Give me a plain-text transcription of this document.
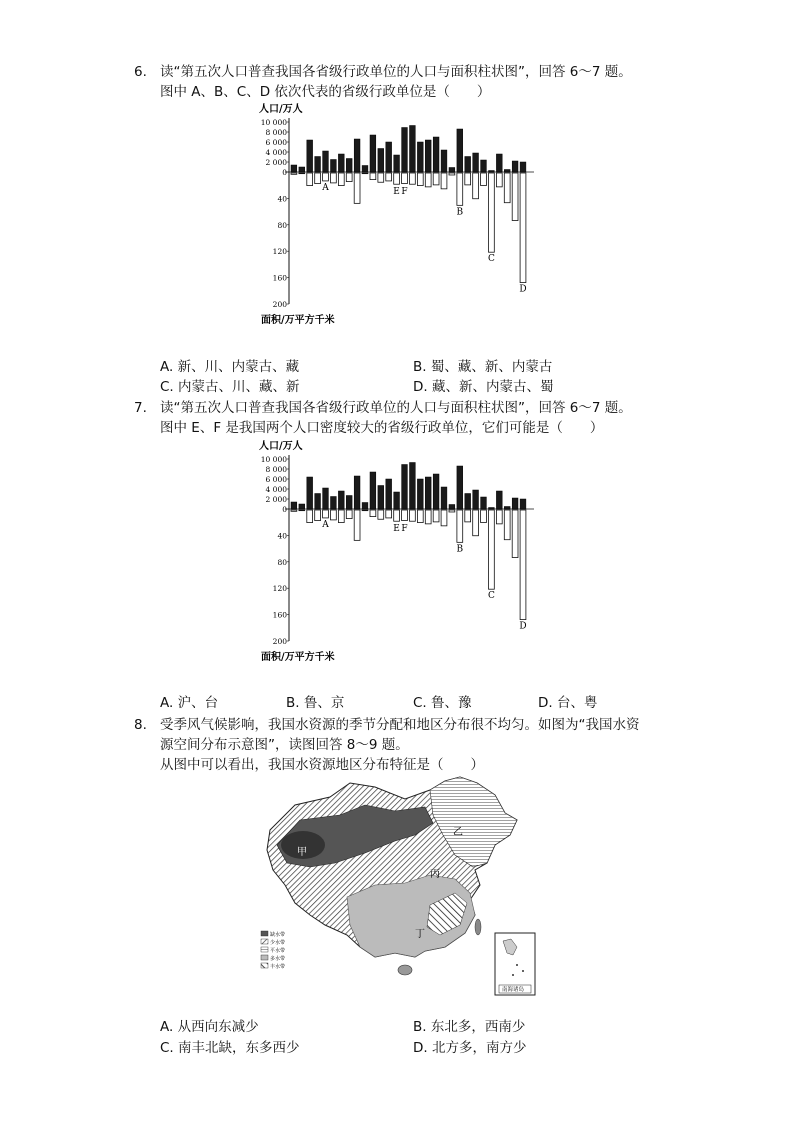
6. 读“第五次人口普查我国各省级行政单位的人口与面积柱状图”，回答 6～7 题。
图中 A、B、C、D 依次代表的省级行政单位是（　　）
人口/万人
面积/万平方千米
10 000
8 000
6 000
4 000
2 000
0
40
80
120
160
200
A
B
C
D
E F
A. 新、川、内蒙古、藏	B. 蜀、藏、新、内蒙古
C. 内蒙古、川、藏、新	D. 藏、新、内蒙古、蜀
7. 读“第五次人口普查我国各省级行政单位的人口与面积柱状图”，回答 6～7 题。
图中 E、F 是我国两个人口密度较大的省级行政单位，它们可能是（　　）
人口/万人
面积/万平方千米
10 000
8 000
6 000
4 000
2 000
0
40
80
120
160
200
A
B
C
D
E F
A. 沪、台	B. 鲁、京	C. 鲁、豫	D. 台、粤
8. 受季风气候影响，我国水资源的季节分配和地区分布很不均匀。如图为“我国水资
源空间分布示意图”，读图回答 8～9 题。
从图中可以看出，我国水资源地区分布特征是（　　）
甲
乙
丙
丁
缺水带
少水带
平水带
多水带
丰水带
南海诸岛
A. 从西向东减少	B. 东北多，西南少
C. 南丰北缺，东多西少	D. 北方多，南方少
